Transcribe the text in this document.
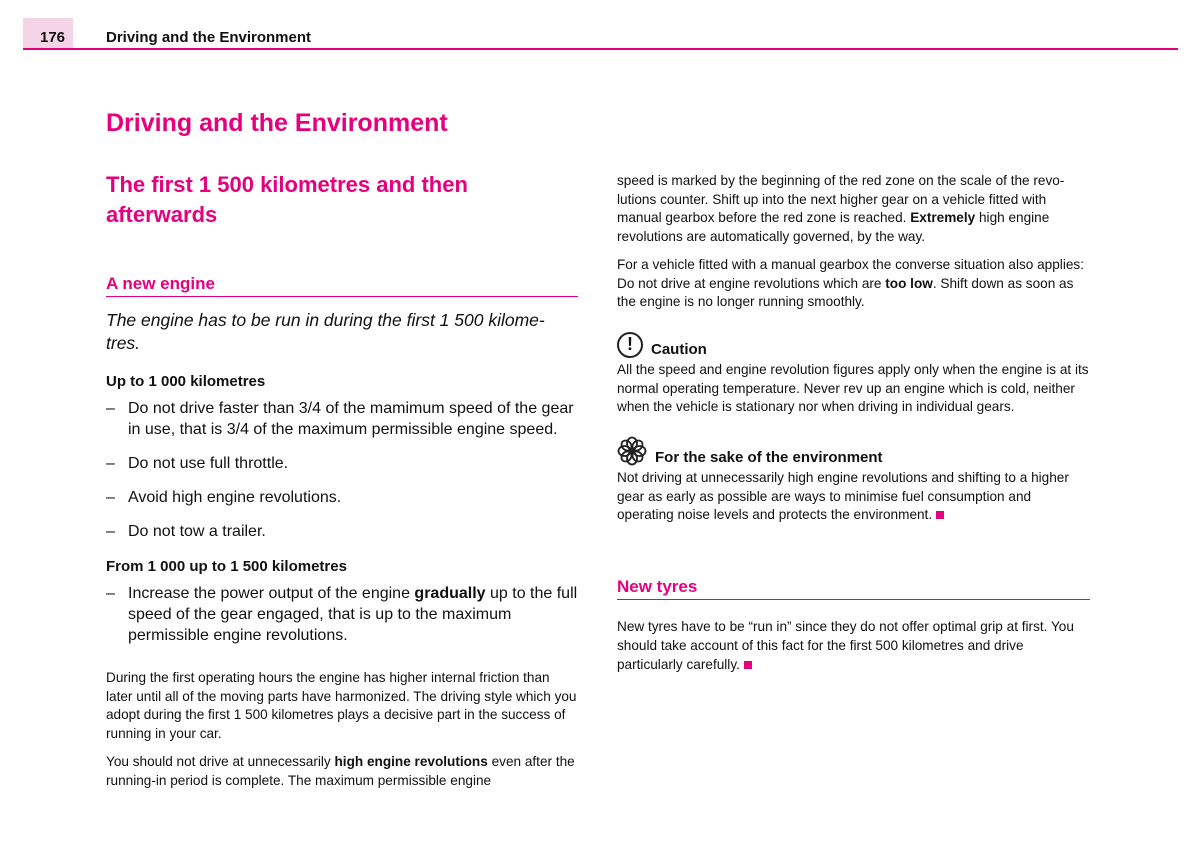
176	Driving and the Environment
Driving and the Environment
The first 1 500 kilometres and then
afterwards
A new engine

The engine has to be run in during the first 1 500 kilome-
tres.

Up to 1 000 kilometres

– Do not drive faster than 3/4 of the mamimum speed of the gear in use, that is 3/4 of the maximum permissible engine speed.
– Do not use full throttle.
– Avoid high engine revolutions.
– Do not tow a trailer.

From 1 000 up to 1 500 kilometres

– Increase the power output of the engine gradually up to the full speed of the gear engaged, that is up to the maximum permissible engine revolutions.

During the first operating hours the engine has higher internal friction than later until all of the moving parts have harmonized. The driving style which you adopt during the first 1 500 kilometres plays a decisive part in the success of running in your car.

You should not drive at unnecessarily high engine revolutions even after the running-in period is complete. The maximum permissible engine

speed is marked by the beginning of the red zone on the scale of the revo-lutions counter. Shift up into the next higher gear on a vehicle fitted with manual gearbox before the red zone is reached. Extremely high engine revolutions are automatically governed, by the way.

For a vehicle fitted with a manual gearbox the converse situation also applies: Do not drive at engine revolutions which are too low. Shift down as soon as the engine is no longer running smoothly.

!	Caution

All the speed and engine revolution figures apply only when the engine is at its normal operating temperature. Never rev up an engine which is cold, neither when the vehicle is stationary nor when driving in individual gears.

For the sake of the environment

Not driving at unnecessarily high engine revolutions and shifting to a higher gear as early as possible are ways to minimise fuel consumption and operating noise levels and protects the environment.

New tyres

New tyres have to be “run in” since they do not offer optimal grip at first. You should take account of this fact for the first 500 kilometres and drive particularly carefully.
